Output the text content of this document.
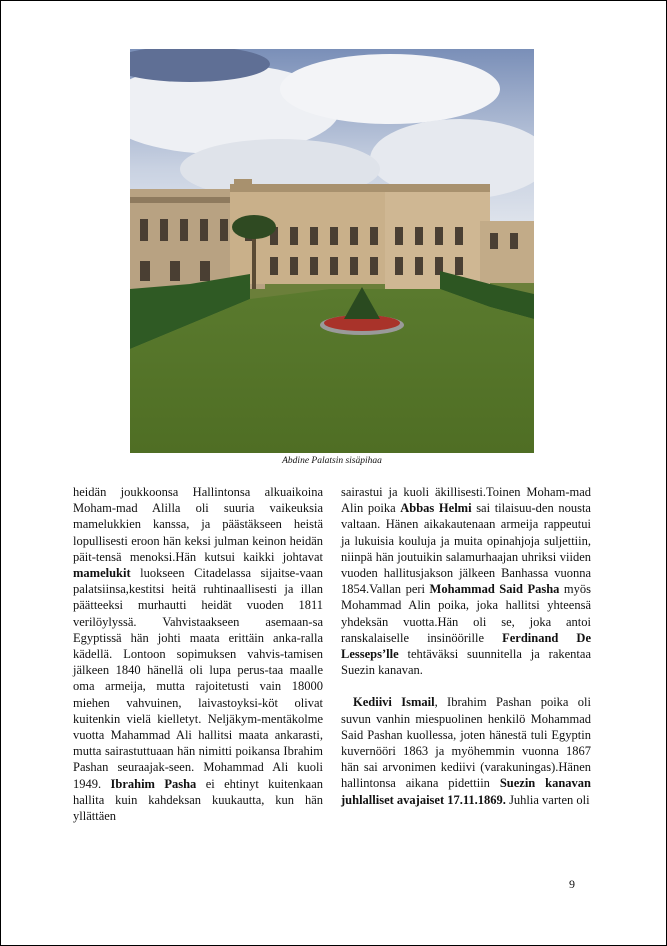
Abdine Palatsin sisäpihaa

heidän joukkoonsa Hallintonsa alkuaikoina Moham-mad Alilla oli suuria vaikeuksia mamelukkien kanssa, ja päästäkseen heistä lopullisesti eroon hän keksi julman keinon heidän päit-tensä menoksi.Hän kutsui kaikki johtavat mamelukit luokseen Citadelassa sijaitse-vaan palatsiinsa,kestitsi heitä ruhtinaallisesti ja illan päätteeksi murhautti heidät vuoden 1811 verilöylyssä. Vahvistaakseen asemaan-sa Egyptissä hän johti maata erittäin anka-ralla kädellä. Lontoon sopimuksen vahvis-tamisen jälkeen 1840 hänellä oli lupa perus-taa maalle oma armeija, mutta rajoitetusti vain 18000 miehen vahvuinen, laivastoyksi-köt olivat kuitenkin vielä kielletyt. Neljäkym-mentäkolme vuotta Mahammad Ali hallitsi maata ankarasti, mutta sairastuttuaan hän nimitti poikansa Ibrahim Pashan seuraajak-seen. Mohammad Ali kuoli 1949. Ibrahim Pasha ei ehtinyt kuitenkaan hallita kuin kahdeksan kuukautta, kun hän yllättäen

sairastui ja kuoli äkillisesti.Toinen Moham-mad Alin poika Abbas Helmi sai tilaisuu-den nousta valtaan. Hänen aikakautenaan armeija rappeutui ja lukuisia kouluja ja muita opinahjoja suljettiin, niinpä hän joutuikin salamurhaajan uhriksi viiden vuoden hallitusjakson jälkeen Banhassa vuonna 1854.Vallan peri Mohammad Said Pasha myös Mohammad Alin poika, joka hallitsi yhteensä yhdeksän vuotta.Hän oli se, joka antoi ranskalaiselle insinöörille Ferdinand De Lesseps’lle tehtäväksi suunnitella ja rakentaa Suezin kanavan.

Kediivi Ismail, Ibrahim Pashan poika oli suvun vanhin miespuolinen henkilö Mohammad Said Pashan kuollessa, joten hänestä tuli Egyptin kuvernööri 1863 ja myöhemmin vuonna 1867 hän sai arvonimen kediivi (varakuningas).Hänen hallintonsa aikana pidettiin Suezin kanavan juhlalliset avajaiset 17.11.1869. Juhlia varten oli

9
